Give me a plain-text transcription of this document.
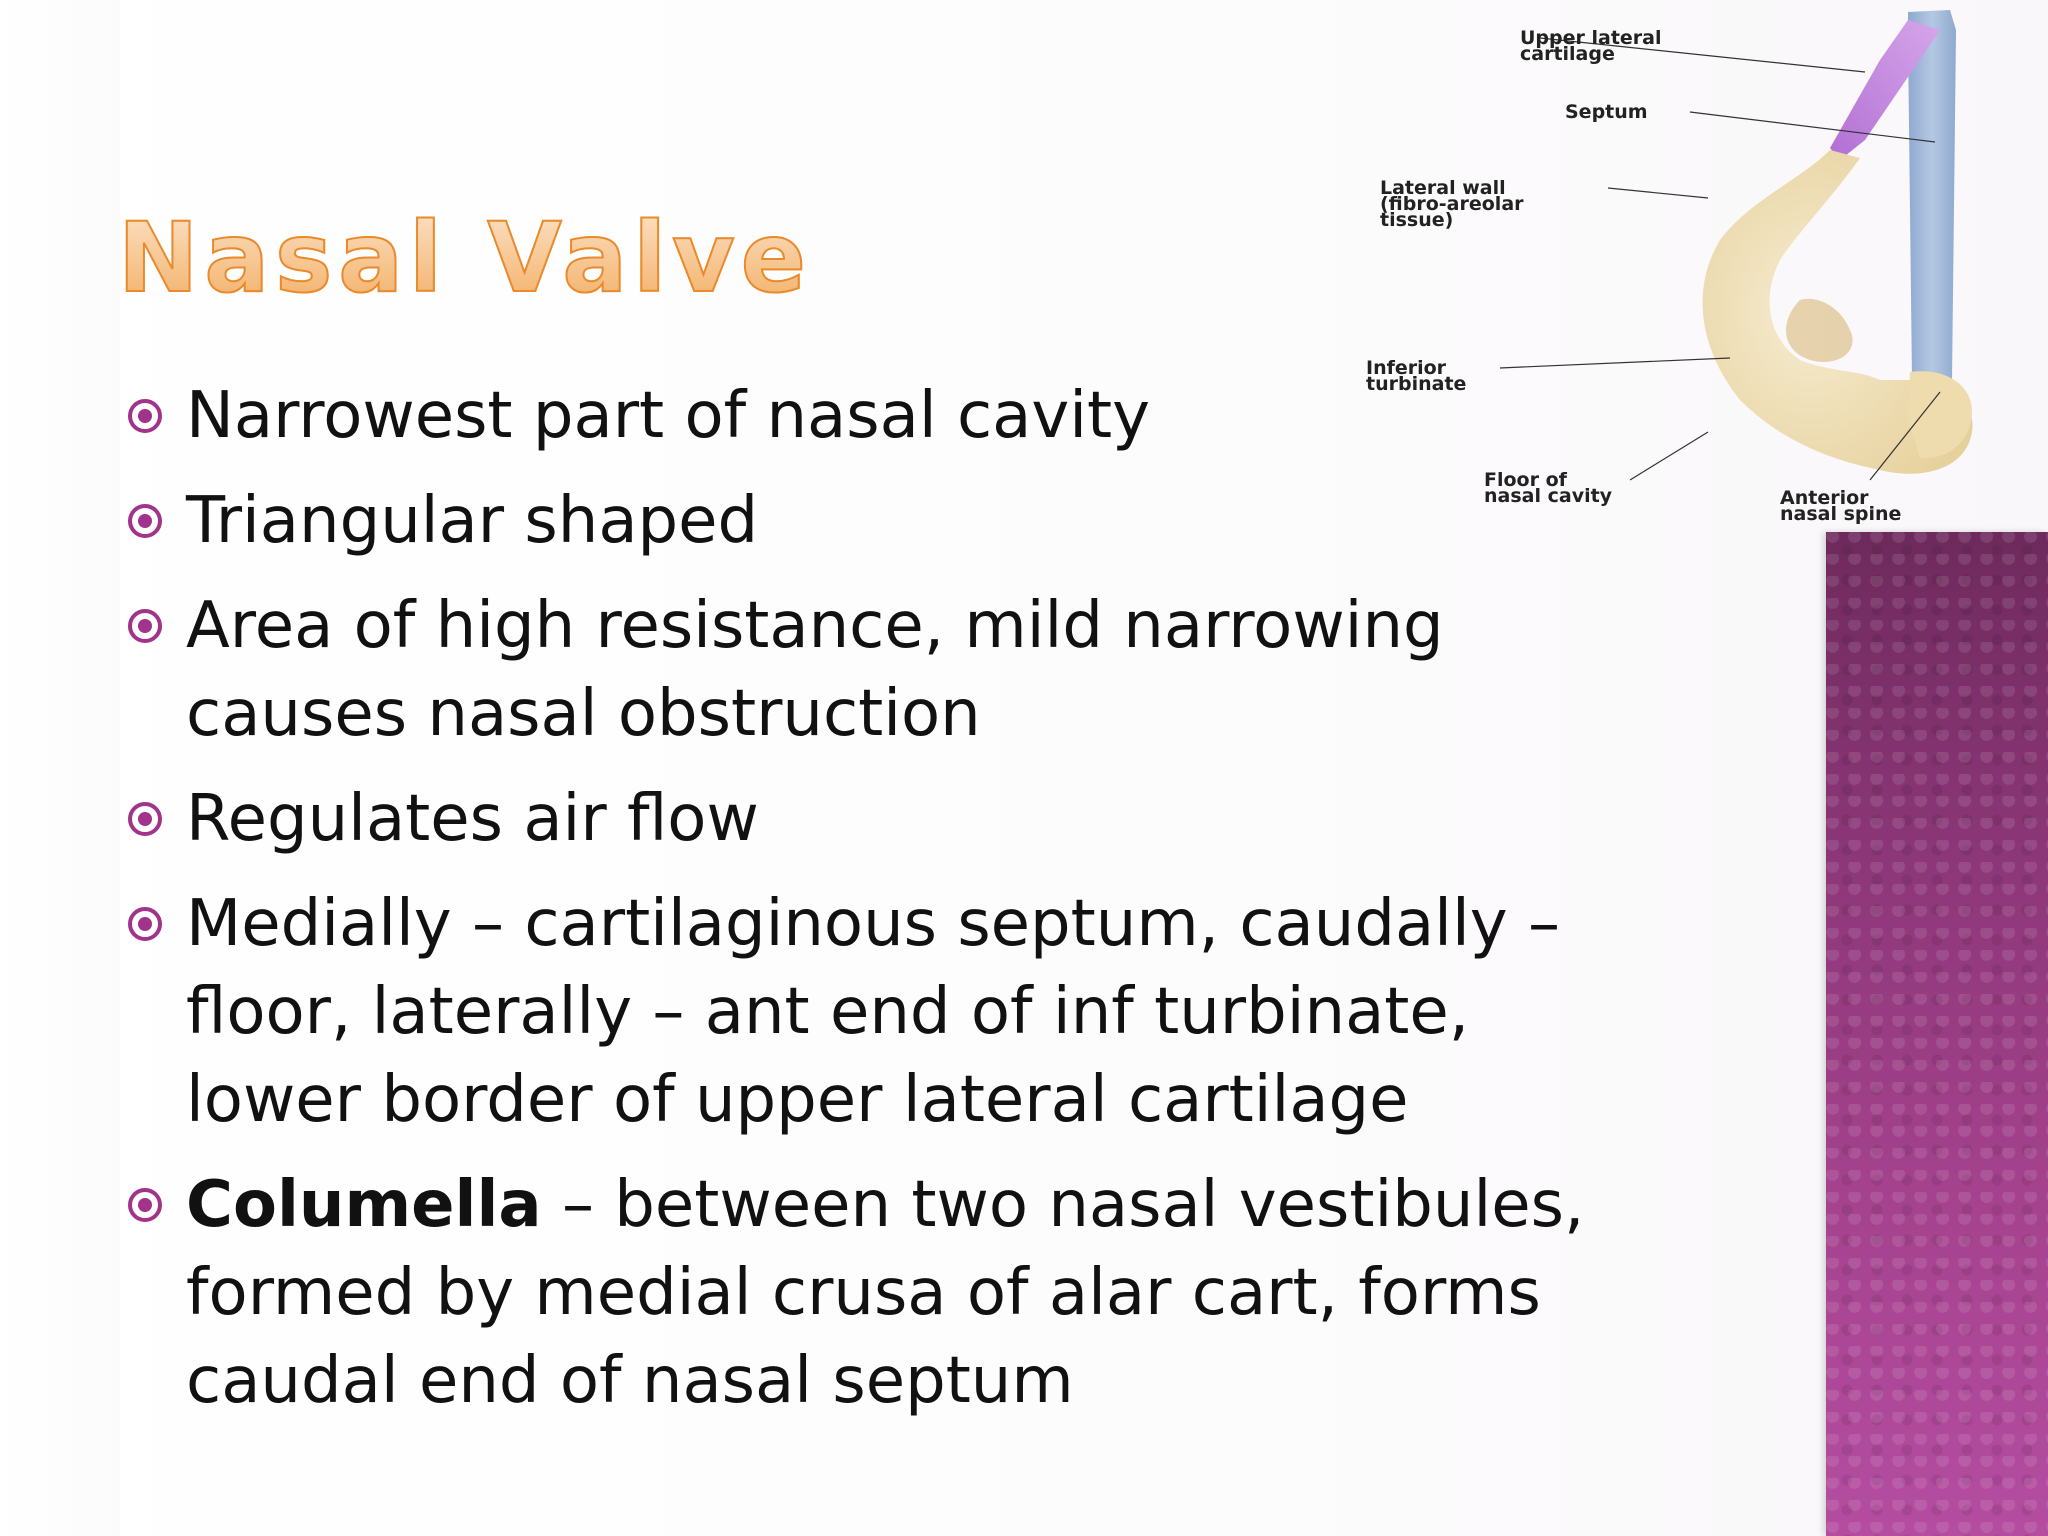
Nasal Valve
Narrowest part of nasal cavity
Triangular shaped
Area of high resistance, mild narrowing causes nasal obstruction
Regulates air flow
Medially – cartilaginous septum, caudally – floor, laterally – ant end of inf turbinate, lower border of upper lateral cartilage
Columella – between two nasal vestibules, formed by medial crusa of alar cart, forms caudal end of nasal septum
Upper lateral
cartilage
Septum
Lateral wall
(fibro-areolar
tissue)
Inferior
turbinate
Floor of
nasal cavity	Anterior
nasal spine
